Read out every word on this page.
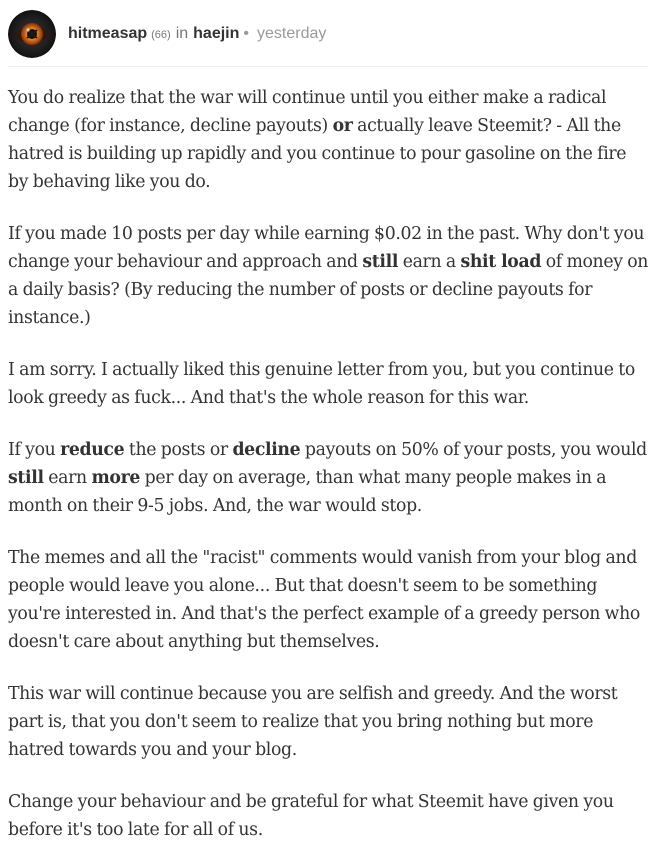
hitmeasap (66) in haejin • yesterday

You do realize that the war will continue until you either make a radical change (for instance, decline payouts) or actually leave Steemit? - All the hatred is building up rapidly and you continue to pour gasoline on the fire by behaving like you do.

If you made 10 posts per day while earning $0.02 in the past. Why don't you change your behaviour and approach and still earn a shit load of money on a daily basis? (By reducing the number of posts or decline payouts for instance.)

I am sorry. I actually liked this genuine letter from you, but you continue to look greedy as fuck... And that's the whole reason for this war.

If you reduce the posts or decline payouts on 50% of your posts, you would still earn more per day on average, than what many people makes in a month on their 9-5 jobs. And, the war would stop.

The memes and all the "racist" comments would vanish from your blog and people would leave you alone... But that doesn't seem to be something you're interested in. And that's the perfect example of a greedy person who doesn't care about anything but themselves.

This war will continue because you are selfish and greedy. And the worst part is, that you don't seem to realize that you bring nothing but more hatred towards you and your blog.

Change your behaviour and be grateful for what Steemit have given you before it's too late for all of us.
